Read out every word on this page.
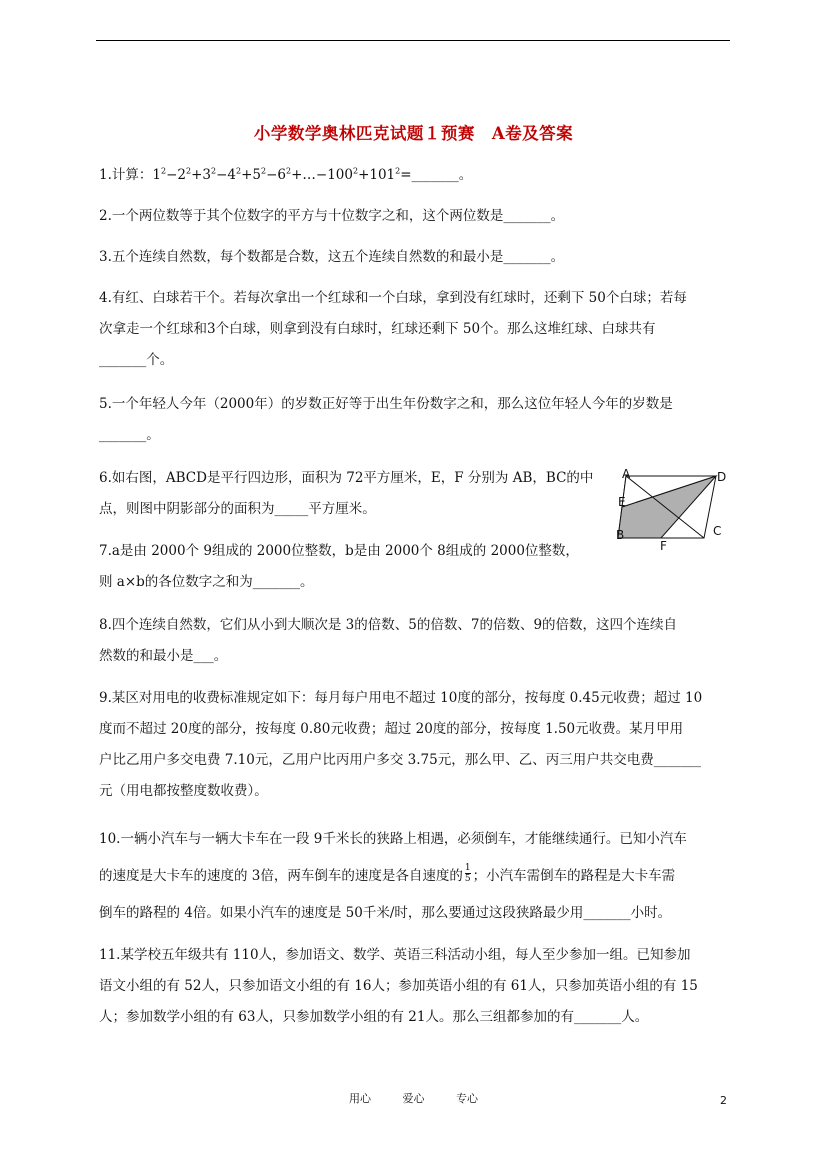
小学数学奥林匹克试题１预赛　A卷及答案
1.计算：$1^2-2^2+3^2-4^2+5^2-6^2+\dots-100^2+101^2=\_\_\_\_\_\_\_$。
2.一个两位数等于其个位数字的平方与十位数字之和，这个两位数是_______。
3.五个连续自然数，每个数都是合数，这五个连续自然数的和最小是_______。
4.有红、白球若干个。若每次拿出一个红球和一个白球，拿到没有红球时，还剩下 50个白球；若每
次拿走一个红球和3个白球，则拿到没有白球时，红球还剩下 50个。那么这堆红球、白球共有
_______个。
5.一个年轻人今年（2000年）的岁数正好等于出生年份数字之和，那么这位年轻人今年的岁数是
_______。
6.如右图，ABCD是平行四边形，面积为 72平方厘米，E，F 分别为 AB，BC的中
点，则图中阴影部分的面积为_____平方厘米。
A	D
E
B	C
F
7.a是由 2000个 9组成的 2000位整数，b是由 2000个 8组成的 2000位整数，
则 a×b的各位数字之和为_______。
8.四个连续自然数，它们从小到大顺次是 3的倍数、5的倍数、7的倍数、9的倍数，这四个连续自
然数的和最小是___。
9.某区对用电的收费标准规定如下：每月每户用电不超过 10度的部分，按每度 0.45元收费；超过 10
度而不超过 20度的部分，按每度 0.80元收费；超过 20度的部分，按每度 1.50元收费。某月甲用
户比乙用户多交电费 7.10元，乙用户比丙用户多交 3.75元，那么甲、乙、丙三用户共交电费_______
元（用电都按整度数收费）。
10.一辆小汽车与一辆大卡车在一段 9千米长的狭路上相遇，必须倒车，才能继续通行。已知小汽车
的速度是大卡车的速度的 3倍，两车倒车的速度是各自速度的 $\frac{1}{5}$ ；小汽车需倒车的路程是大卡车需
倒车的路程的 4倍。如果小汽车的速度是 50千米/时，那么要通过这段狭路最少用_______小时。
11.某学校五年级共有 110人，参加语文、数学、英语三科活动小组，每人至少参加一组。已知参加
语文小组的有 52人，只参加语文小组的有 16人；参加英语小组的有 61人，只参加英语小组的有 15
人；参加数学小组的有 63人，只参加数学小组的有 21人。那么三组都参加的有_______人。
用心	爱心	专心	2
